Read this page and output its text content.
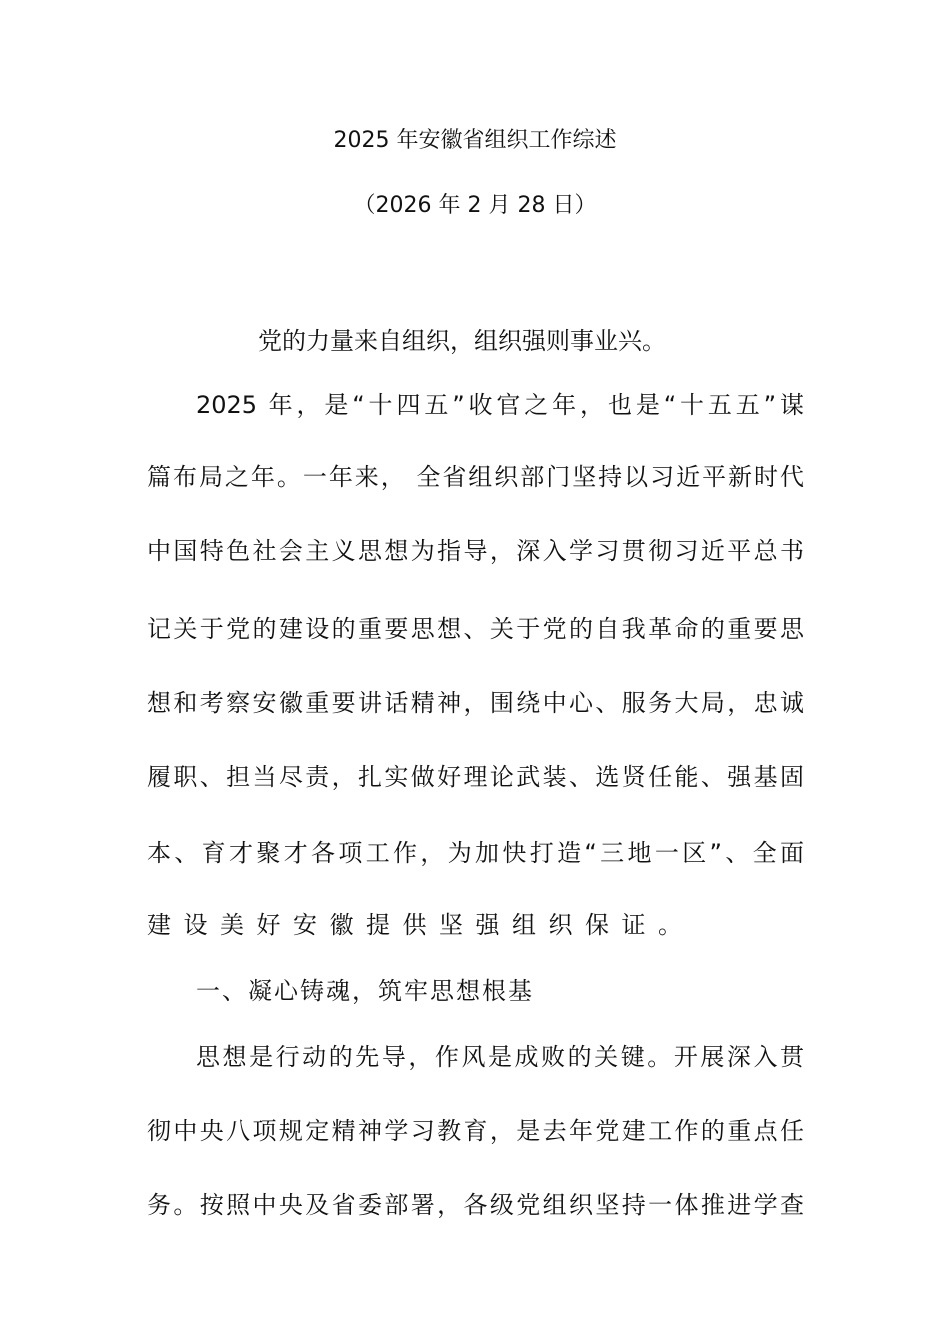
2025 年安徽省组织工作综述
（2026 年 2 月 28 日）
党的力量来自组织，组织强则事业兴。
2025 年，是“十四五”收官之年，也是“十五五”谋
篇布局之年。一年来， 全省组织部门坚持以习近平新时代
中国特色社会主义思想为指导，深入学习贯彻习近平总书
记关于党的建设的重要思想、关于党的自我革命的重要思
想和考察安徽重要讲话精神，围绕中心、服务大局，忠诚
履职、担当尽责，扎实做好理论武装、选贤任能、强基固
本、育才聚才各项工作，为加快打造“三地一区”、全面
建设美好安徽提供坚强组织保证。
一、凝心铸魂，筑牢思想根基
思想是行动的先导，作风是成败的关键。开展深入贯
彻中央八项规定精神学习教育，是去年党建工作的重点任
务。按照中央及省委部署，各级党组织坚持一体推进学查
